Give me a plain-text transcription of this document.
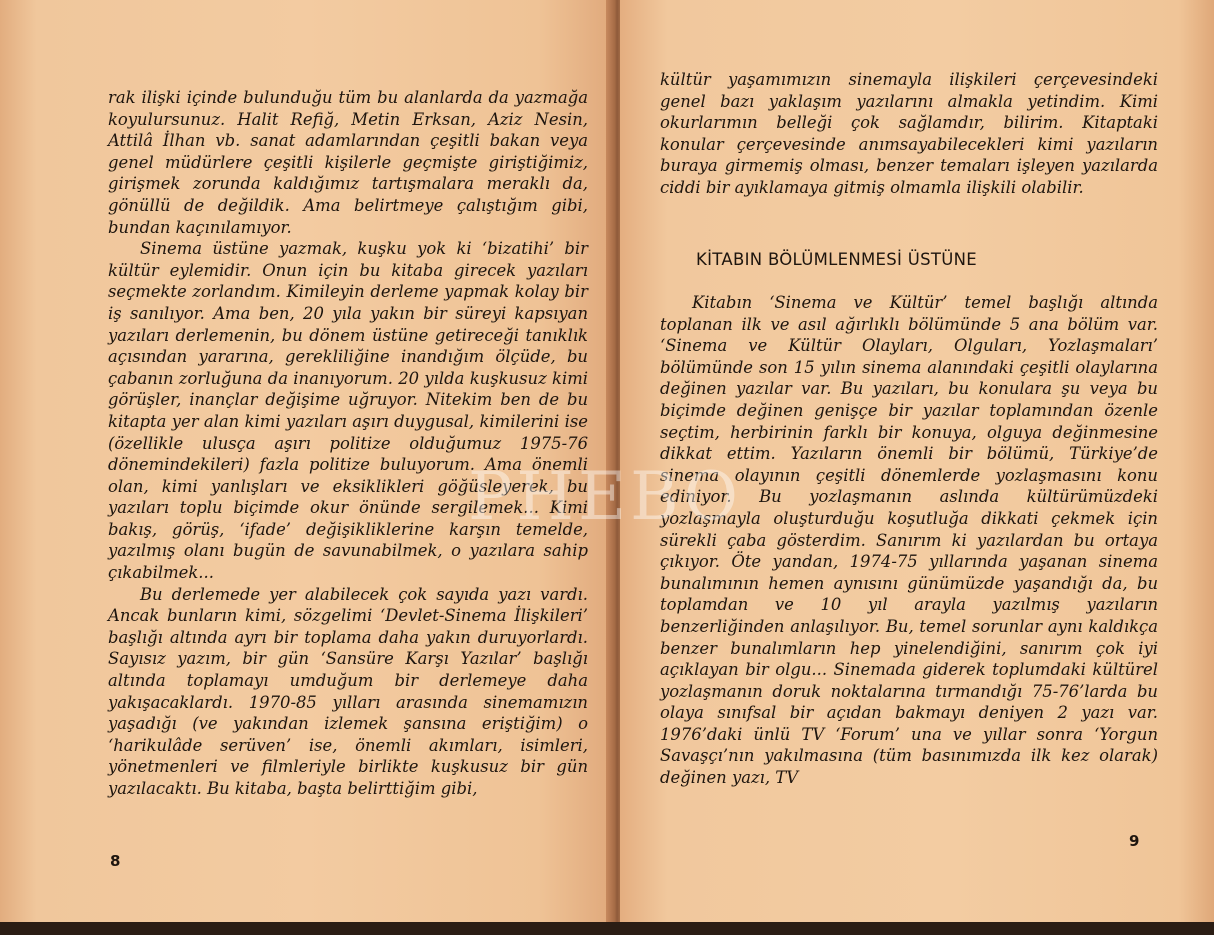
rak ilişki içinde bulunduğu tüm bu alanlarda da yazmağa koyulursunuz. Halit Refiğ, Metin Erksan, Aziz Nesin, Attilâ İlhan vb. sanat adamlarından çeşitli bakan veya genel müdürlere çeşitli kişilerle geçmişte giriştiğimiz, girişmek zorunda kaldığımız tartışmalara meraklı da, gönüllü de değildik. Ama belirtmeye çalıştığım gibi, bundan kaçınılamıyor.

Sinema üstüne yazmak, kuşku yok ki ‘bizatihi’ bir kültür eylemidir. Onun için bu kitaba girecek yazıları seçmekte zorlandım. Kimileyin derleme yapmak kolay bir iş sanılıyor. Ama ben, 20 yıla yakın bir süreyi kapsıyan yazıları derlemenin, bu dönem üstüne getireceği tanıklık açısından yararına, gerekliliğine inandığım ölçüde, bu çabanın zorluğuna da inanıyorum. 20 yılda kuşkusuz kimi görüşler, inançlar değişime uğruyor. Nitekim ben de bu kitapta yer alan kimi yazıları aşırı duygusal, kimilerini ise (özellikle ulusça aşırı politize olduğumuz 1975-76 dönemindekileri) fazla politize buluyorum. Ama önemli olan, kimi yanlışları ve eksiklikleri göğüsleyerek, bu yazıları toplu biçimde okur önünde sergilemek... Kimi bakış, görüş, ‘ifade’ değişikliklerine karşın temelde, yazılmış olanı bugün de savunabilmek, o yazılara sahip çıkabilmek...

Bu derlemede yer alabilecek çok sayıda yazı vardı. Ancak bunların kimi, sözgelimi ‘Devlet-Sinema İlişkileri’ başlığı altında ayrı bir toplama daha yakın duruyorlardı. Sayısız yazım, bir gün ‘Sansüre Karşı Yazılar’ başlığı altında toplamayı umduğum bir derlemeye daha yakışacaklardı. 1970-85 yılları arasında sinemamızın yaşadığı (ve yakından izlemek şansına eriştiğim) o ‘harikulâde serüven’ ise, önemli akımları, isimleri, yönetmenleri ve filmleriyle birlikte kuşkusuz bir gün yazılacaktı. Bu kitaba, başta belirttiğim gibi,

8

kültür yaşamımızın sinemayla ilişkileri çerçevesindeki genel bazı yaklaşım yazılarını almakla yetindim. Kimi okurlarımın belleği çok sağlamdır, bilirim. Kitaptaki konular çerçevesinde anımsayabilecekleri kimi yazıların buraya girmemiş olması, benzer temaları işleyen yazılarda ciddi bir ayıklamaya gitmiş olmamla ilişkili olabilir.

KİTABIN BÖLÜMLENMESİ ÜSTÜNE

Kitabın ‘Sinema ve Kültür’ temel başlığı altında toplanan ilk ve asıl ağırlıklı bölümünde 5 ana bölüm var. ‘Sinema ve Kültür Olayları, Olguları, Yozlaşmaları’ bölümünde son 15 yılın sinema alanındaki çeşitli olaylarına değinen yazılar var. Bu yazıları, bu konulara şu veya bu biçimde değinen genişçe bir yazılar toplamından özenle seçtim, herbirinin farklı bir konuya, olguya değinmesine dikkat ettim. Yazıların önemli bir bölümü, Türkiye’de sinema olayının çeşitli dönemlerde yozlaşmasını konu ediniyor. Bu yozlaşmanın aslında kültürümüzdeki yozlaşmayla oluşturduğu koşutluğa dikkati çekmek için sürekli çaba gösterdim. Sanırım ki yazılardan bu ortaya çıkıyor. Öte yandan, 1974-75 yıllarında yaşanan sinema bunalımının hemen aynısını günümüzde yaşandığı da, bu toplamdan ve 10 yıl arayla yazılmış yazıların benzerliğinden anlaşılıyor. Bu, temel sorunlar aynı kaldıkça benzer bunalımların hep yinelendiğini, sanırım çok iyi açıklayan bir olgu... Sinemada giderek toplumdaki kültürel yozlaşmanın doruk noktalarına tırmandığı 75-76’larda bu olaya sınıfsal bir açıdan bakmayı deniyen 2 yazı var. 1976’daki ünlü TV ‘Forum’ una ve yıllar sonra ‘Yorgun Savaşçı’nın yakılmasına (tüm basınımızda ilk kez olarak) değinen yazı, TV

9
PHEBO
